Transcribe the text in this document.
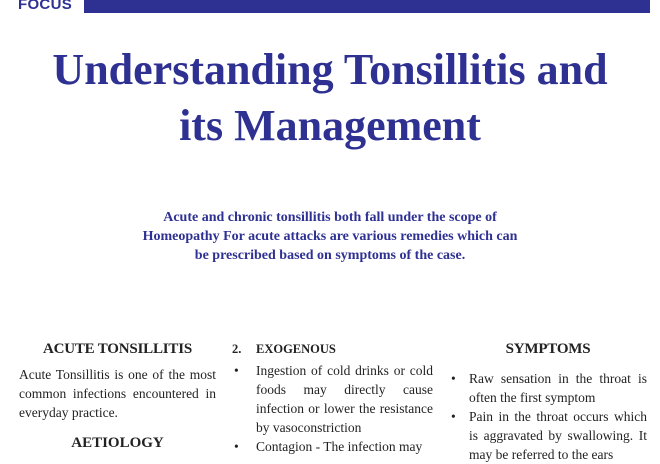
FOCUS
Understanding Tonsillitis and
its Management

Acute and chronic tonsillitis both fall under the scope of
Homeopathy For acute attacks are various remedies which can
be prescribed based on symptoms of the case.

ACUTE TONSILLITIS

Acute Tonsillitis is one of the most common infections encountered in everyday practice.

AETIOLOGY
2. EXOGENOUS
• Ingestion of cold drinks or cold foods may directly cause infection or lower the resistance by vasoconstriction
• Contagion - The infection may
SYMPTOMS
• Raw sensation in the throat is often the first symptom
• Pain in the throat occurs which is aggravated by swallowing. It may be referred to the ears
